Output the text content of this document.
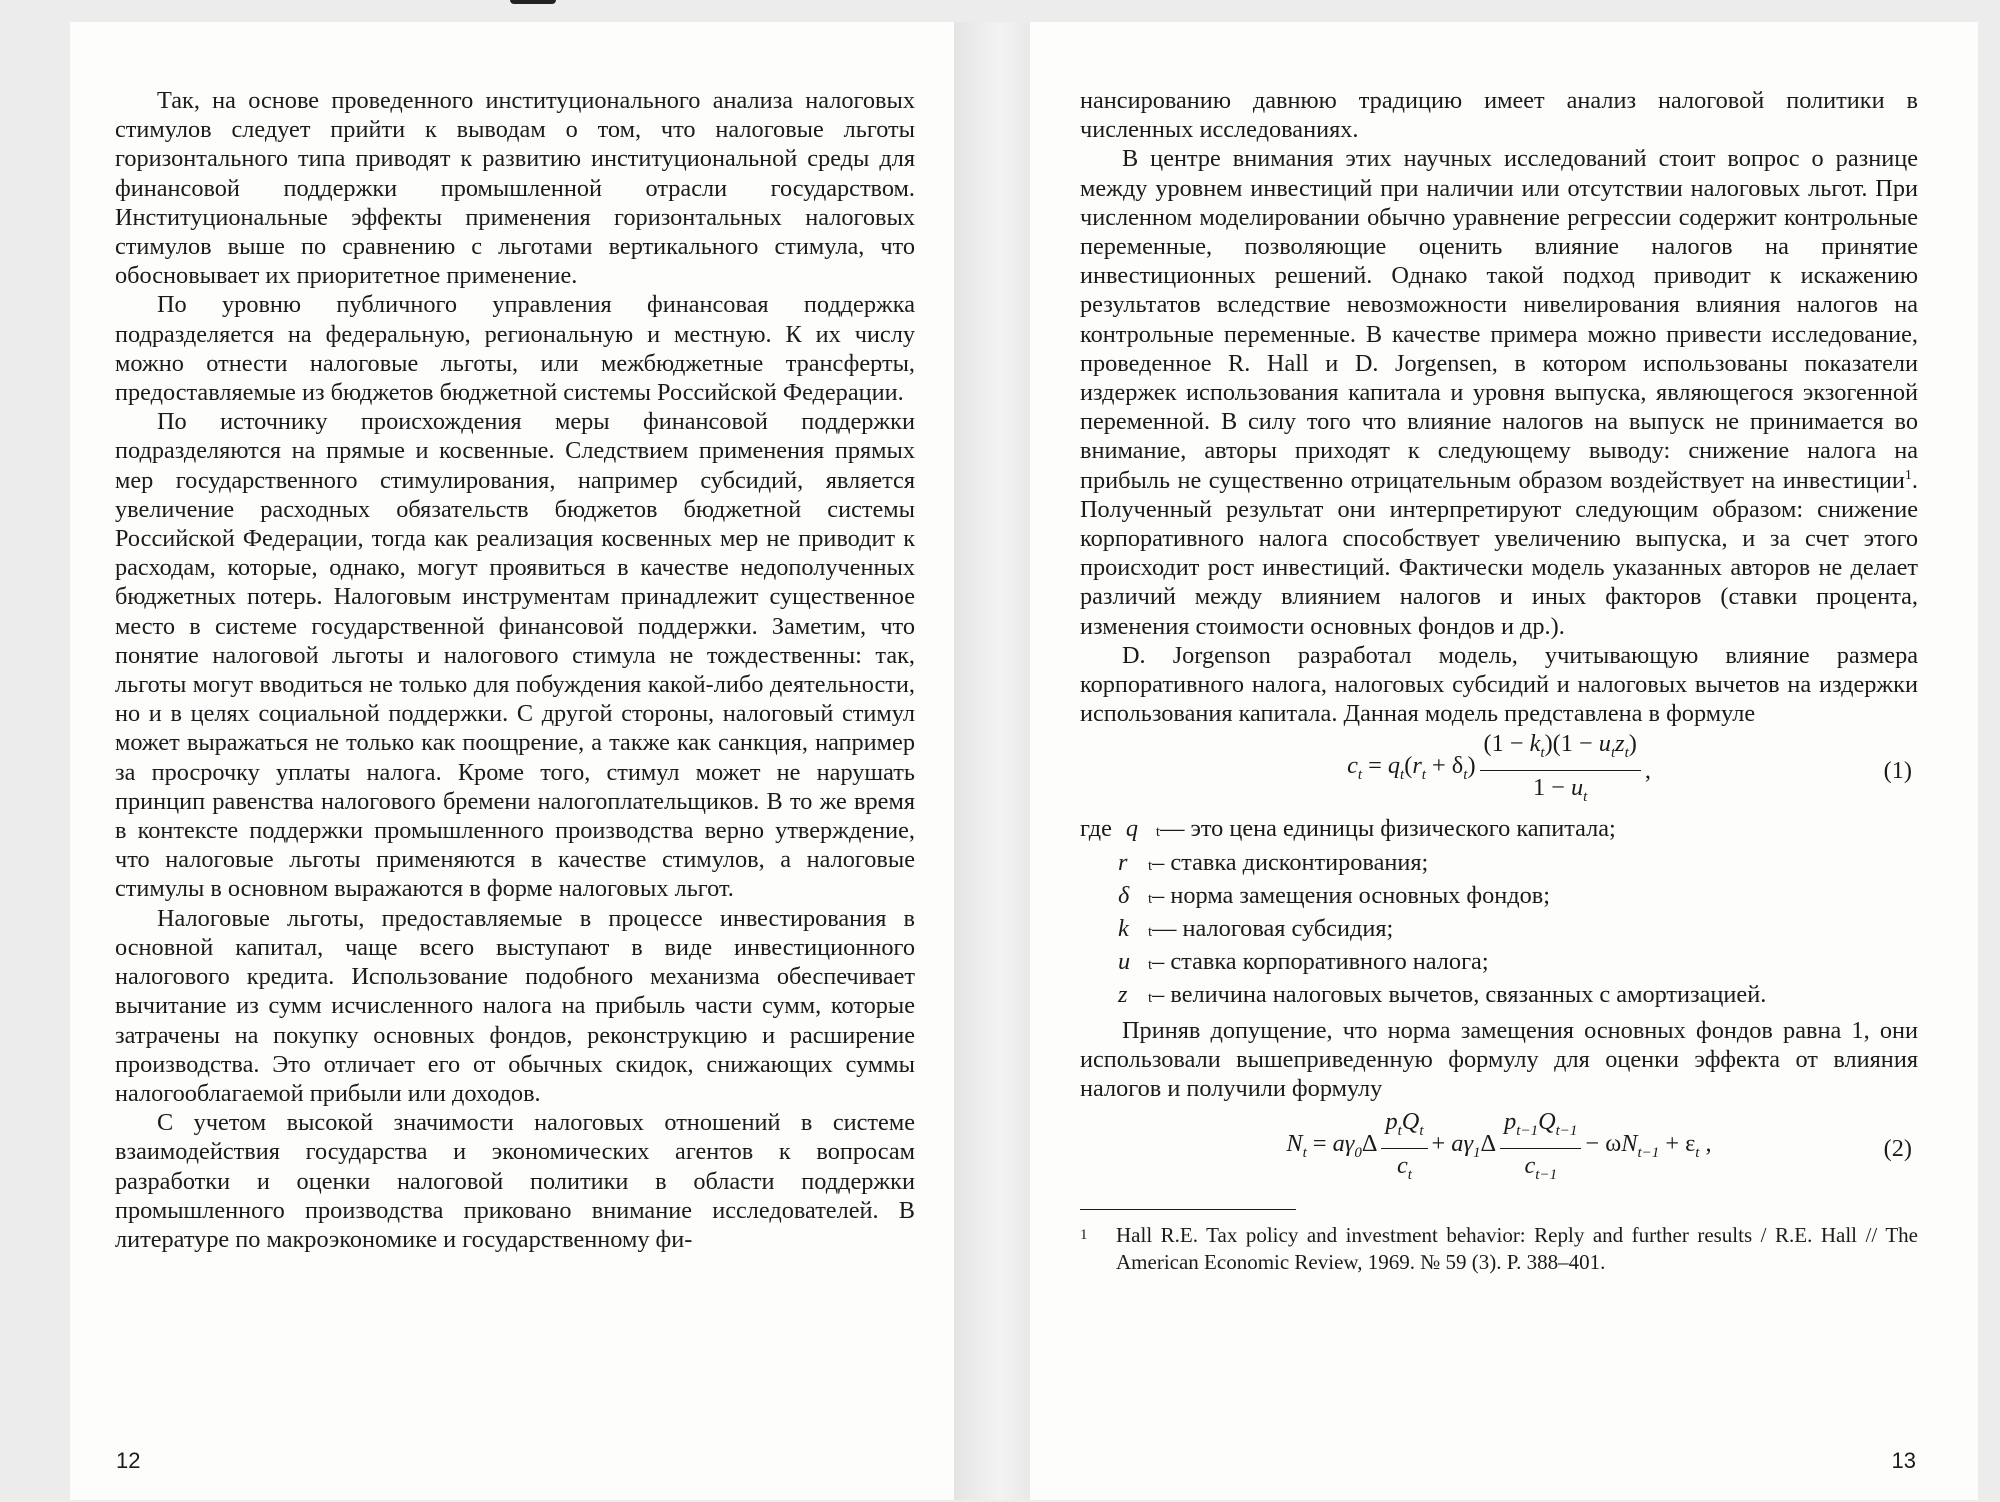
Так, на основе проведенного институционального анализа налоговых стимулов следует прийти к выводам о том, что налоговые льготы горизонтального типа приводят к развитию институциональной среды для финансовой поддержки промышленной отрасли государством. Институциональные эффекты применения горизонтальных налоговых стимулов выше по сравнению с льготами вертикального стимула, что обосновывает их приоритетное применение.

По уровню публичного управления финансовая поддержка подразделяется на федеральную, региональную и местную. К их числу можно отнести налоговые льготы, или межбюджетные трансферты, предоставляемые из бюджетов бюджетной системы Российской Федерации.

По источнику происхождения меры финансовой поддержки подразделяются на прямые и косвенные. Следствием применения прямых мер государственного стимулирования, например субсидий, является увеличение расходных обязательств бюджетов бюджетной системы Российской Федерации, тогда как реализация косвенных мер не приводит к расходам, которые, однако, могут проявиться в качестве недополученных бюджетных потерь. Налоговым инструментам принадлежит существенное место в системе государственной финансовой поддержки. Заметим, что понятие налоговой льготы и налогового стимула не тождественны: так, льготы могут вводиться не только для побуждения какой-либо деятельности, но и в целях социальной поддержки. С другой стороны, налоговый стимул может выражаться не только как поощрение, а также как санкция, например за просрочку уплаты налога. Кроме того, стимул может не нарушать принцип равенства налогового бремени налогоплательщиков. В то же время в контексте поддержки промышленного производства верно утверждение, что налоговые льготы применяются в качестве стимулов, а налоговые стимулы в основном выражаются в форме налоговых льгот.

Налоговые льготы, предоставляемые в процессе инвестирования в основной капитал, чаще всего выступают в виде инвестиционного налогового кредита. Использование подобного механизма обеспечивает вычитание из сумм исчисленного налога на прибыль части сумм, которые затрачены на покупку основных фондов, реконструкцию и расширение производства. Это отличает его от обычных скидок, снижающих суммы налогооблагаемой прибыли или доходов.

С учетом высокой значимости налоговых отношений в системе взаимодействия государства и экономических агентов к вопросам разработки и оценки налоговой политики в области поддержки промышленного производства приковано внимание исследователей. В литературе по макроэкономике и государственному фи-

12

нансированию давнюю традицию имеет анализ налоговой политики в численных исследованиях.

В центре внимания этих научных исследований стоит вопрос о разнице между уровнем инвестиций при наличии или отсутствии налоговых льгот. При численном моделировании обычно уравнение регрессии содержит контрольные переменные, позволяющие оценить влияние налогов на принятие инвестиционных решений. Однако такой подход приводит к искажению результатов вследствие невозможности нивелирования влияния налогов на контрольные переменные. В качестве примера можно привести исследование, проведенное R. Hall и D. Jorgensen, в котором использованы показатели издержек использования капитала и уровня выпуска, являющегося экзогенной переменной. В силу того что влияние налогов на выпуск не принимается во внимание, авторы приходят к следующему выводу: снижение налога на прибыль не существенно отрицательным образом воздействует на инвестиции$^1$. Полученный результат они интерпретируют следующим образом: снижение корпоративного налога способствует увеличению выпуска, и за счет этого происходит рост инвестиций. Фактически модель указанных авторов не делает различий между влиянием налогов и иных факторов (ставки процента, изменения стоимости основных фондов и др.).

D. Jorgenson разработал модель, учитывающую влияние размера корпоративного налога, налоговых субсидий и налоговых вычетов на издержки использования капитала. Данная модель представлена в формуле

$c_t = q_t(r_t + \delta_t) \frac{(1 - k_t)(1 - u_tz_t)}{1 - u_t}$ ,	(1)
где q	t — это цена единицы физического капитала;
r	t – ставка дисконтирования;
δ	t – норма замещения основных фондов;
k	t — налоговая субсидия;
u	t – ставка корпоративного налога;
z	t – величина налоговых вычетов, связанных с амортизацией.

Приняв допущение, что норма замещения основных фондов равна 1, они использовали вышеприведенную формулу для оценки эффекта от влияния налогов и получили формулу

$N_t = a\gamma_0\Delta \frac{p_tQ_t}{c_t} + a\gamma_1\Delta \frac{p_{t-1}Q_{t-1}}{c_{t-1}} - \omega N_{t-1} + \varepsilon_t$ ,	(2)
1	Hall R.E. Tax policy and investment behavior: Reply and further results / R.E. Hall // The American Economic Review, 1969. № 59 (3). P. 388–401.
13
